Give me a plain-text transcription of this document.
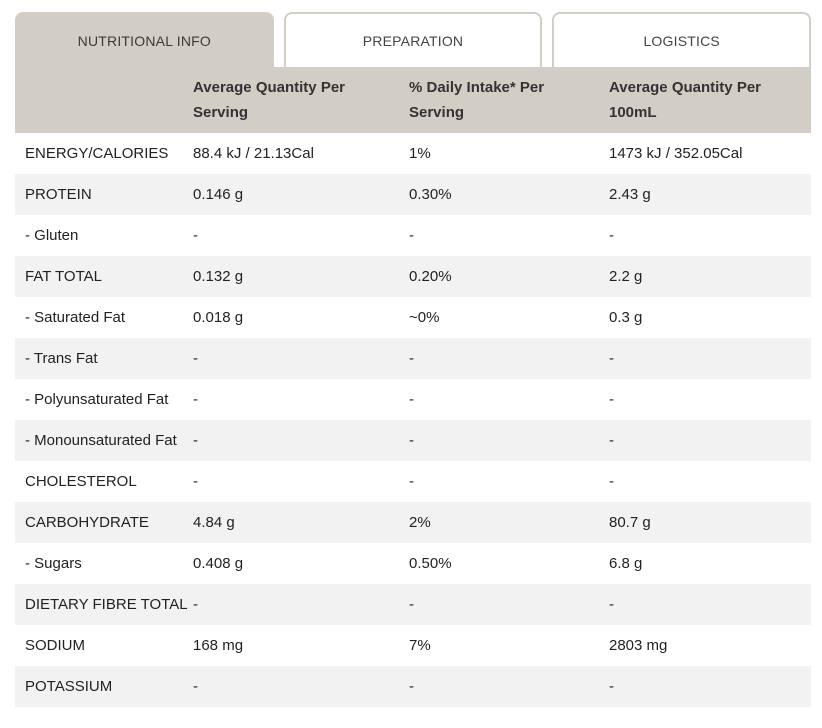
NUTRITIONAL INFO	PREPARATION	LOGISTICS
	Average Quantity Per Serving	% Daily Intake* Per Serving	Average Quantity Per 100mL
ENERGY/CALORIES	88.4 kJ / 21.13Cal	1%	1473 kJ / 352.05Cal
PROTEIN	0.146 g	0.30%	2.43 g
- Gluten	-	-	-
FAT TOTAL	0.132 g	0.20%	2.2 g
- Saturated Fat	0.018 g	~0%	0.3 g
- Trans Fat	-	-	-
- Polyunsaturated Fat	-	-	-
- Monounsaturated Fat	-	-	-
CHOLESTEROL	-	-	-
CARBOHYDRATE	4.84 g	2%	80.7 g
- Sugars	0.408 g	0.50%	6.8 g
DIETARY FIBRE TOTAL	-	-	-
SODIUM	168 mg	7%	2803 mg
POTASSIUM	-	-	-
